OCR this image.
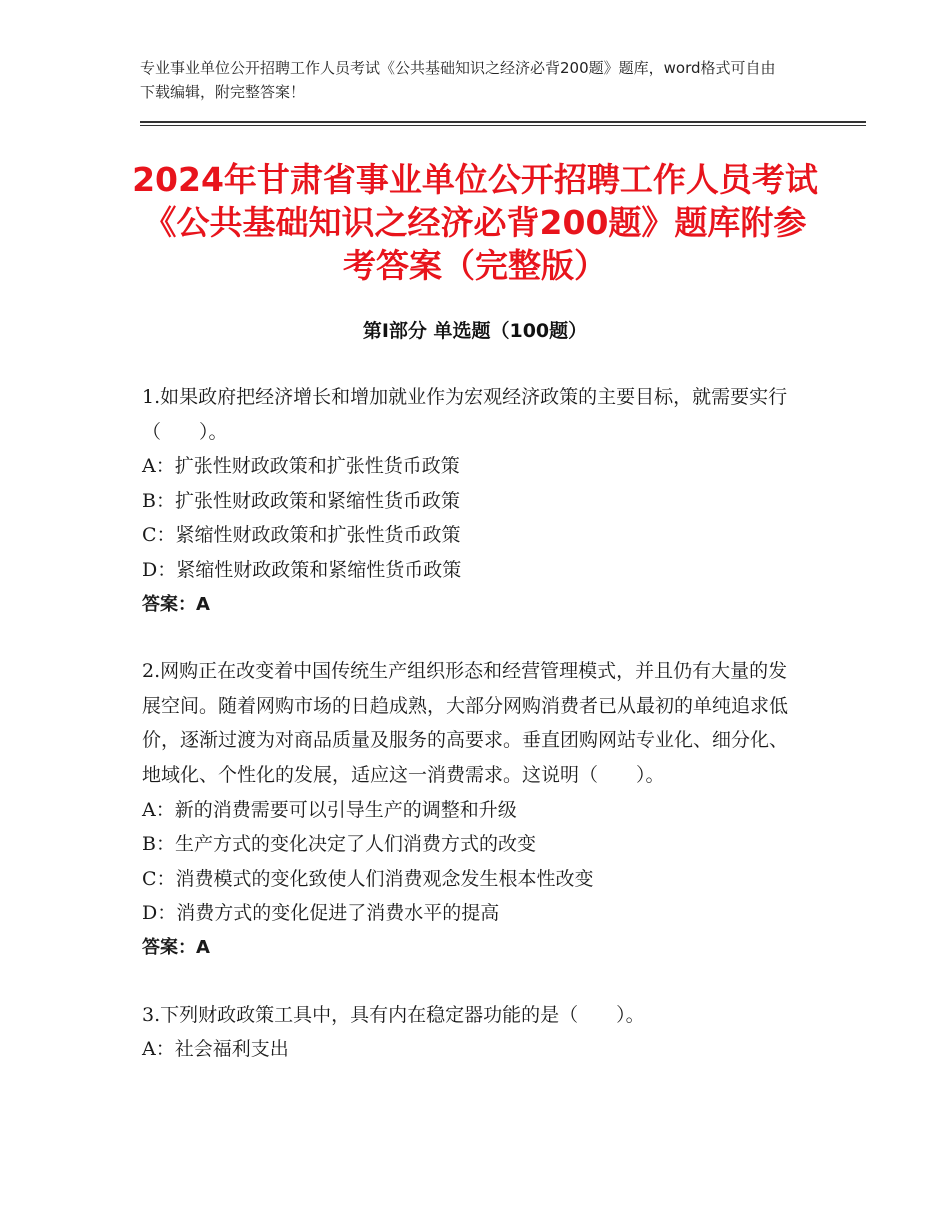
专业事业单位公开招聘工作人员考试《公共基础知识之经济必背200题》题库，word格式可自由下载编辑，附完整答案！
2024年甘肃省事业单位公开招聘工作人员考试《公共基础知识之经济必背200题》题库附参考答案（完整版）
第Ⅰ部分 单选题（100题）

1.如果政府把经济增长和增加就业作为宏观经济政策的主要目标，就需要实行（　　）。

A：扩张性财政政策和扩张性货币政策

B：扩张性财政政策和紧缩性货币政策

C：紧缩性财政政策和扩张性货币政策

D：紧缩性财政政策和紧缩性货币政策

答案：A

2.网购正在改变着中国传统生产组织形态和经营管理模式，并且仍有大量的发展空间。随着网购市场的日趋成熟，大部分网购消费者已从最初的单纯追求低价，逐渐过渡为对商品质量及服务的高要求。垂直团购网站专业化、细分化、地域化、个性化的发展，适应这一消费需求。这说明（　　）。

A：新的消费需要可以引导生产的调整和升级

B：生产方式的变化决定了人们消费方式的改变

C：消费模式的变化致使人们消费观念发生根本性改变

D：消费方式的变化促进了消费水平的提高

答案：A

3.下列财政政策工具中，具有内在稳定器功能的是（　　）。

A：社会福利支出
